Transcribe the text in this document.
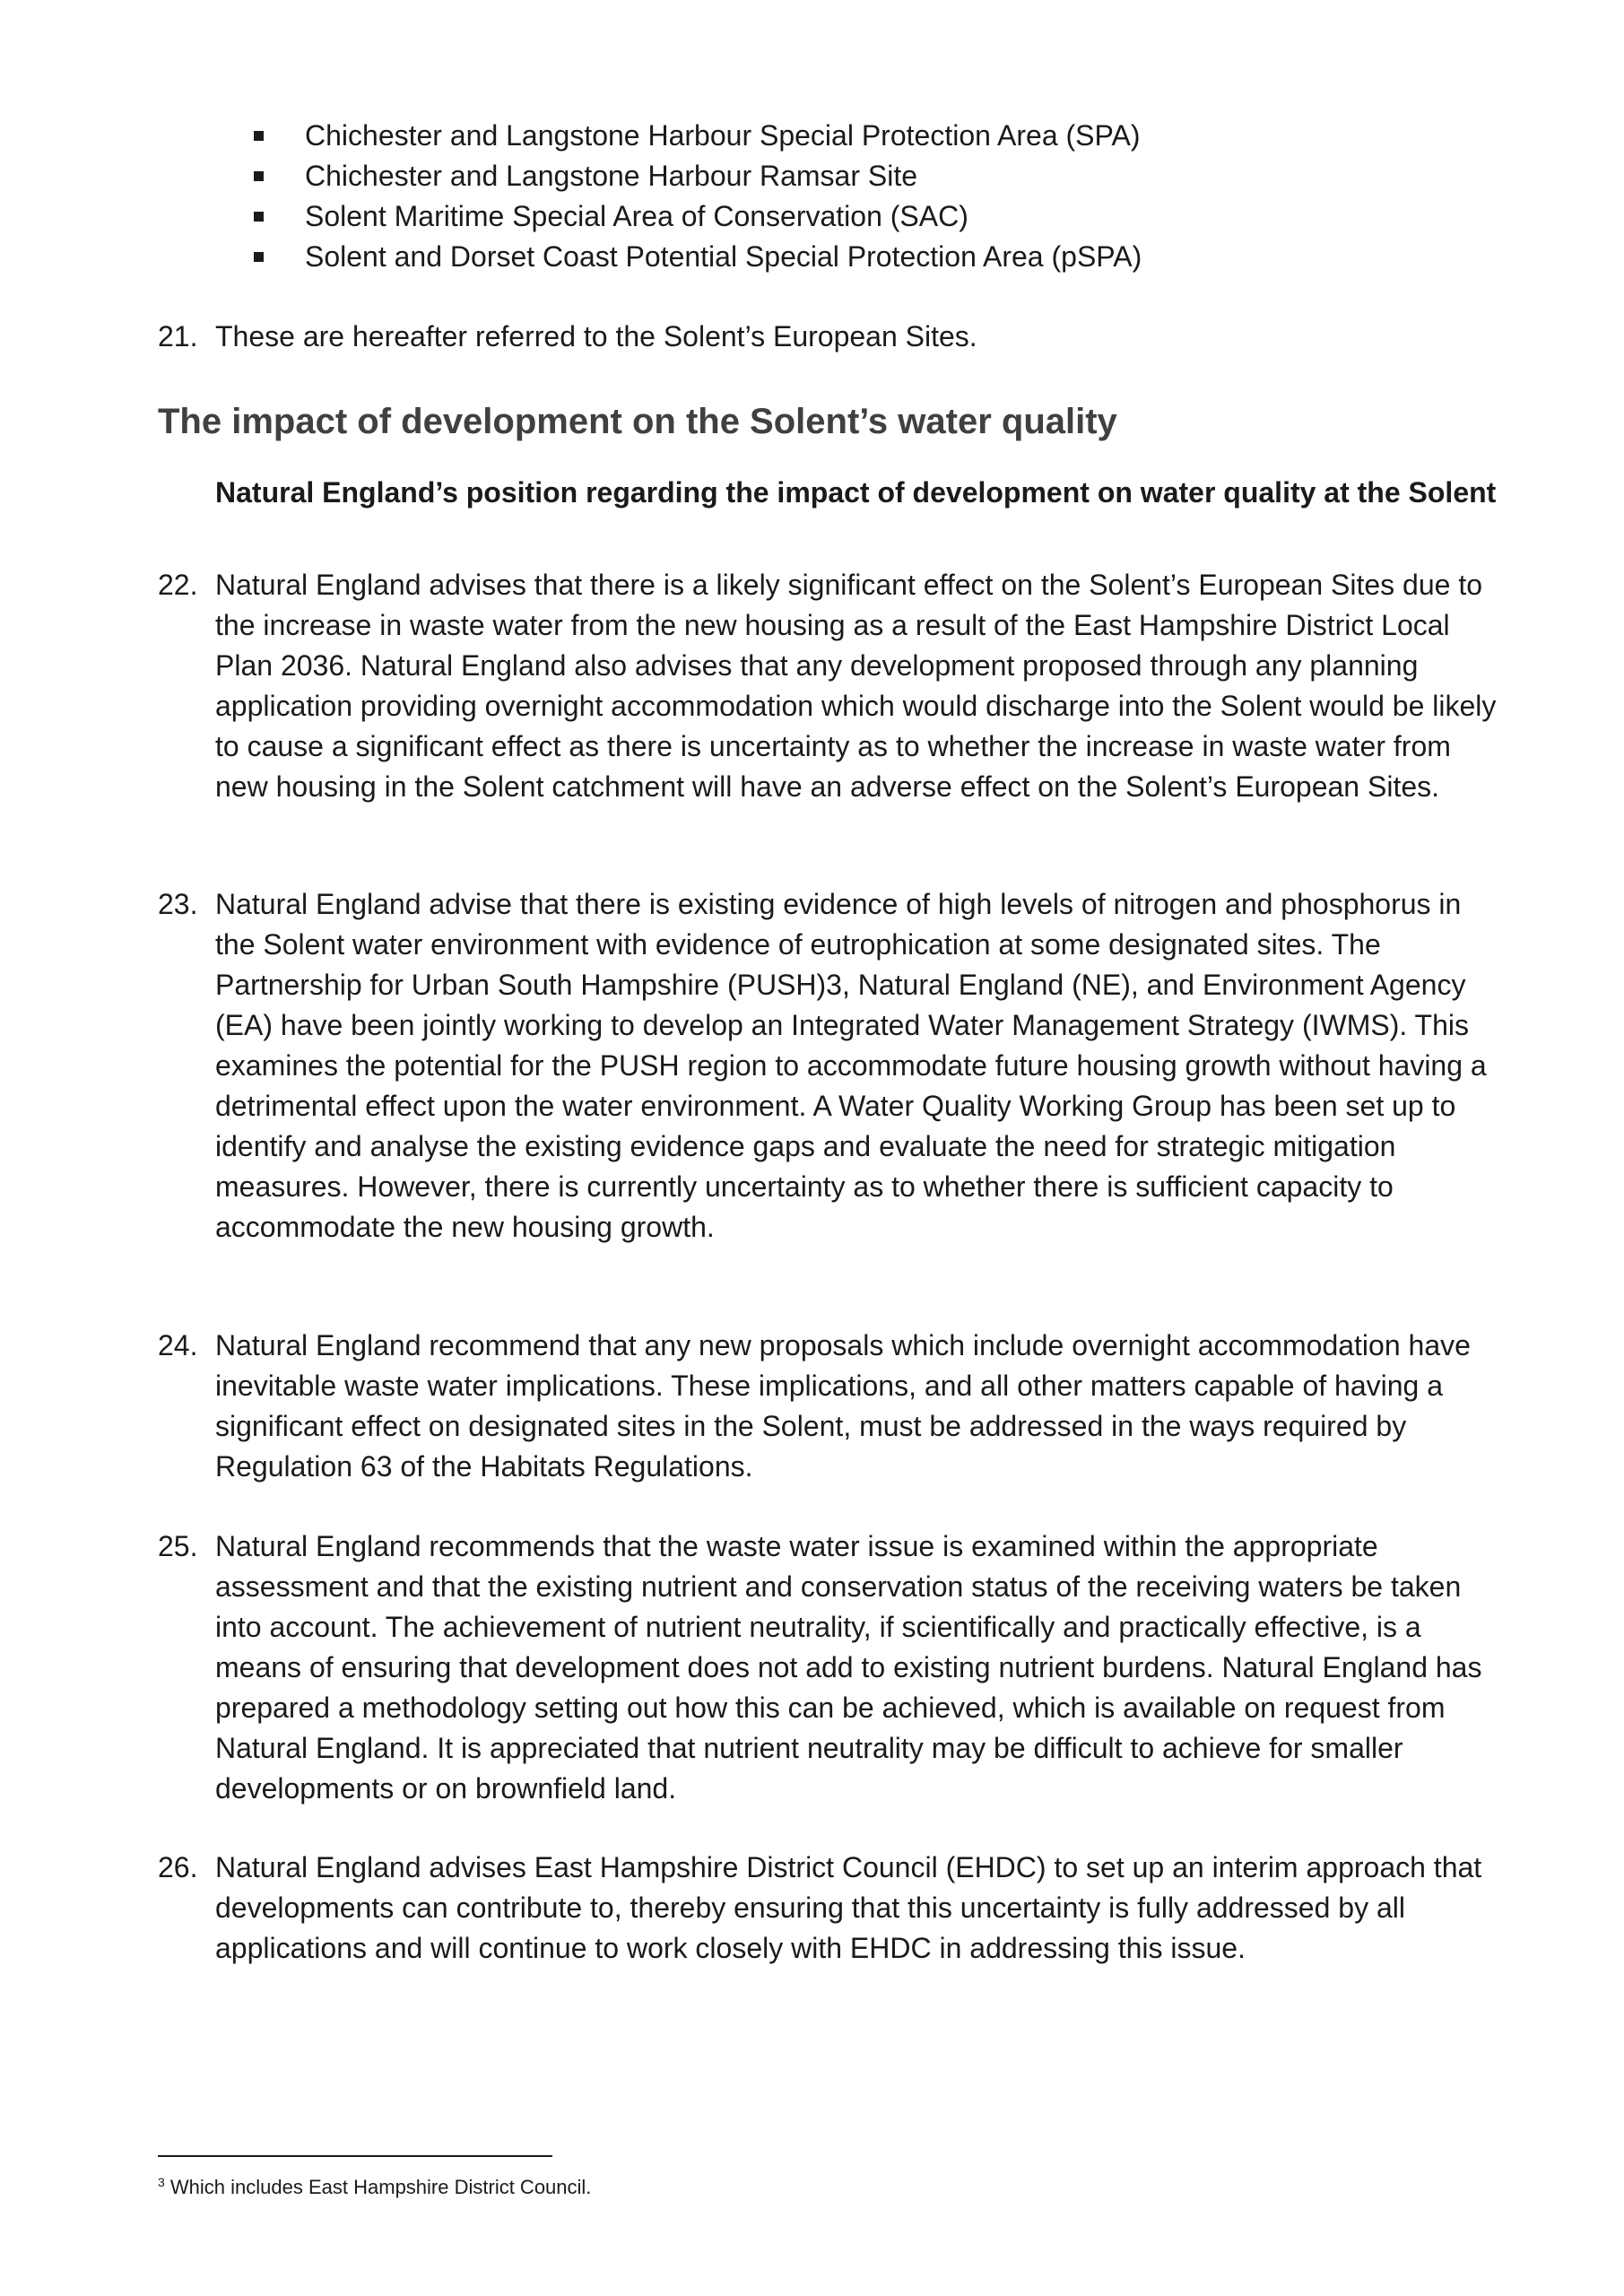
Chichester and Langstone Harbour Special Protection Area (SPA)
Chichester and Langstone Harbour Ramsar Site
Solent Maritime Special Area of Conservation (SAC)
Solent and Dorset Coast Potential Special Protection Area (pSPA)
21. These are hereafter referred to the Solent’s European Sites.
The impact of development on the Solent’s water quality
Natural England’s position regarding the impact of development on water quality at the Solent
22. Natural England advises that there is a likely significant effect on the Solent’s European Sites due to the increase in waste water from the new housing as a result of the East Hampshire District Local Plan 2036. Natural England also advises that any development proposed through any planning application providing overnight accommodation which would discharge into the Solent would be likely to cause a significant effect as there is uncertainty as to whether the increase in waste water from new housing in the Solent catchment will have an adverse effect on the Solent’s European Sites.
23. Natural England advise that there is existing evidence of high levels of nitrogen and phosphorus in the Solent water environment with evidence of eutrophication at some designated sites. The Partnership for Urban South Hampshire (PUSH)3, Natural England (NE), and Environment Agency (EA) have been jointly working to develop an Integrated Water Management Strategy (IWMS). This examines the potential for the PUSH region to accommodate future housing growth without having a detrimental effect upon the water environment. A Water Quality Working Group has been set up to identify and analyse the existing evidence gaps and evaluate the need for strategic mitigation measures. However, there is currently uncertainty as to whether there is sufficient capacity to accommodate the new housing growth.
24. Natural England recommend that any new proposals which include overnight accommodation have inevitable waste water implications. These implications, and all other matters capable of having a significant effect on designated sites in the Solent, must be addressed in the ways required by Regulation 63 of the Habitats Regulations.
25. Natural England recommends that the waste water issue is examined within the appropriate assessment and that the existing nutrient and conservation status of the receiving waters be taken into account. The achievement of nutrient neutrality, if scientifically and practically effective, is a means of ensuring that development does not add to existing nutrient burdens. Natural England has prepared a methodology setting out how this can be achieved, which is available on request from Natural England. It is appreciated that nutrient neutrality may be difficult to achieve for smaller developments or on brownfield land.
26. Natural England advises East Hampshire District Council (EHDC) to set up an interim approach that developments can contribute to, thereby ensuring that this uncertainty is fully addressed by all applications and will continue to work closely with EHDC in addressing this issue.
$^3$ Which includes East Hampshire District Council.
